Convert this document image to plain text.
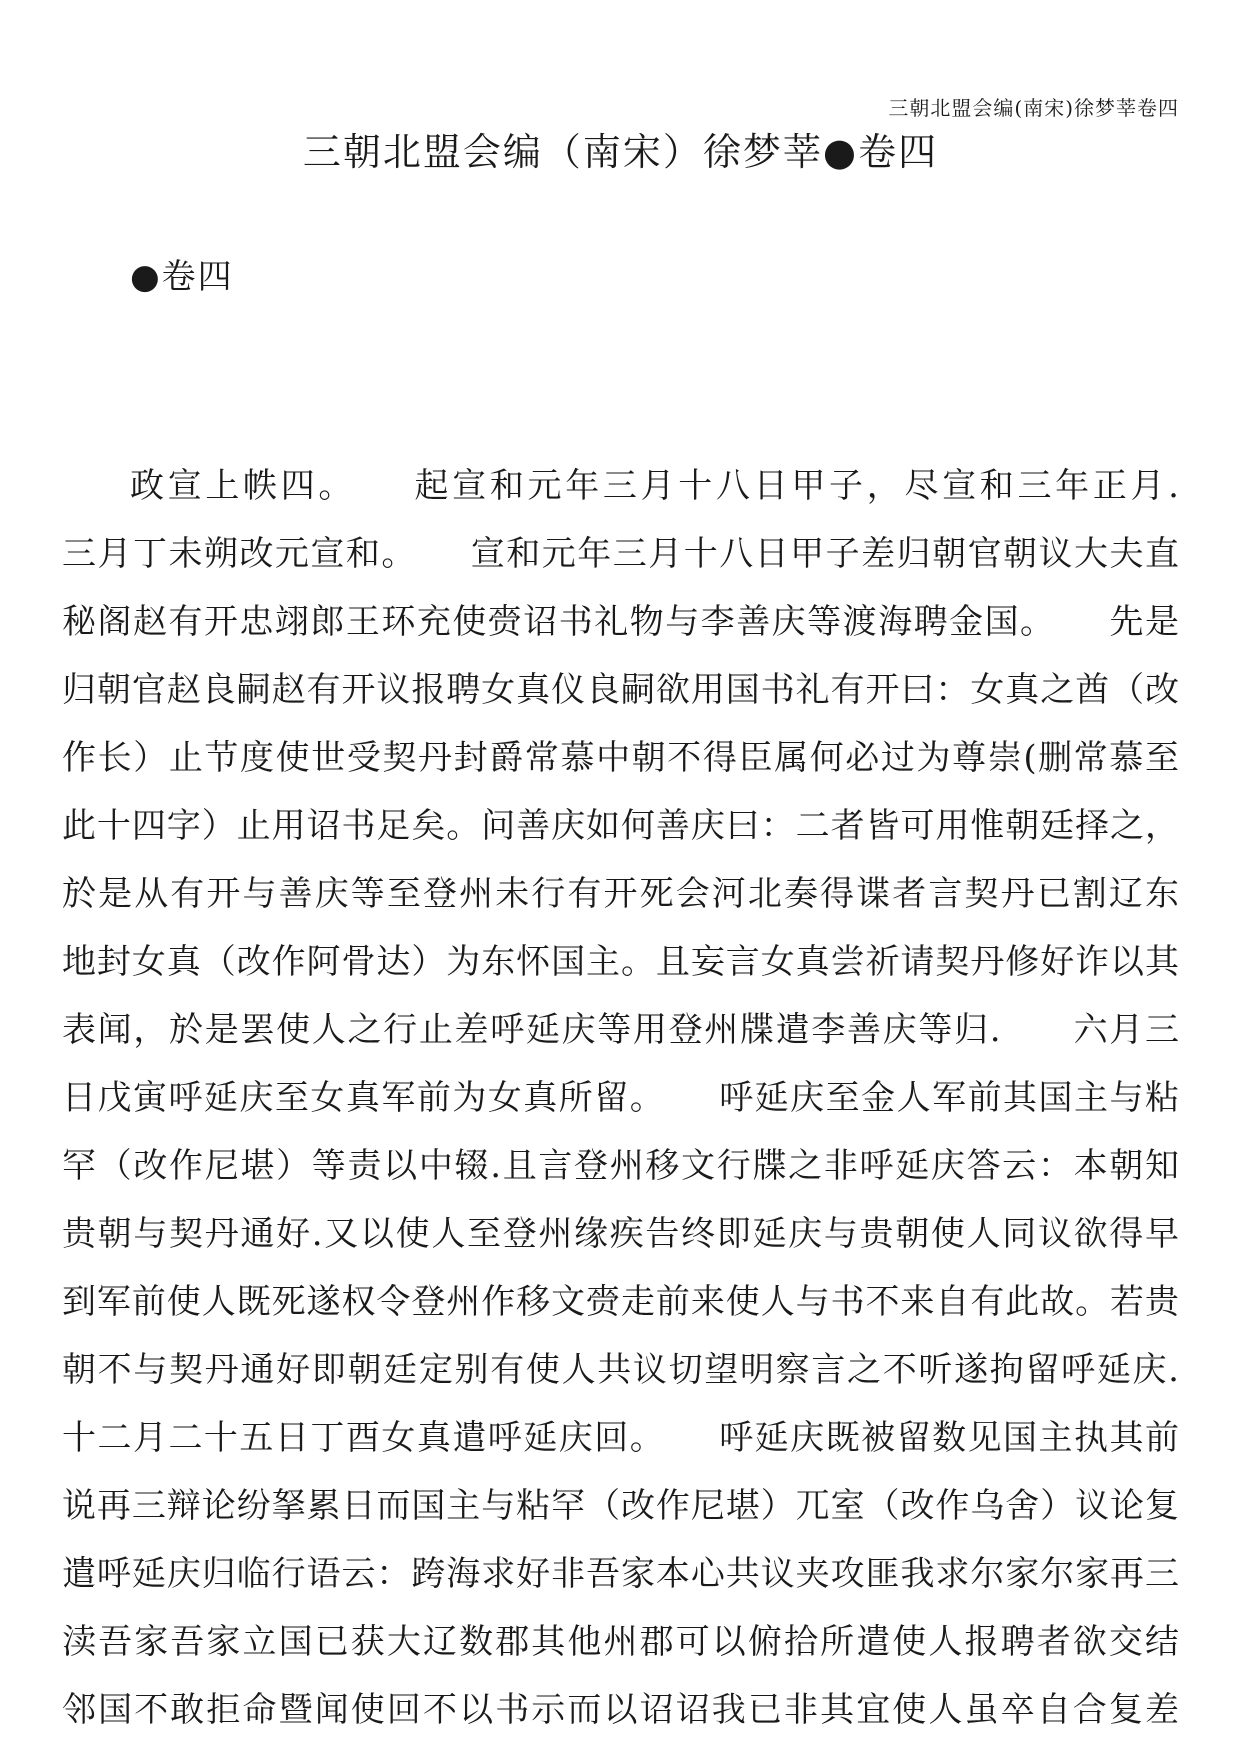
三朝北盟会编(南宋)徐梦莘卷四
三朝北盟会编（南宋）徐梦莘●卷四
●卷四
政宣上帙四。　　起宣和元年三月十八日甲子，尽宣和三年正月.
三月丁未朔改元宣和。　　宣和元年三月十八日甲子差归朝官朝议大夫直
秘阁赵有开忠翊郎王环充使赍诏书礼物与李善庆等渡海聘金国。　　先是
归朝官赵良嗣赵有开议报聘女真仪良嗣欲用国书礼有开曰：女真之酋（改
作长）止节度使世受契丹封爵常慕中朝不得臣属何必过为尊崇(删常慕至
此十四字）止用诏书足矣。问善庆如何善庆曰：二者皆可用惟朝廷择之，
於是从有开与善庆等至登州未行有开死会河北奏得谍者言契丹已割辽东
地封女真（改作阿骨达）为东怀国主。且妄言女真尝祈请契丹修好诈以其
表闻，於是罢使人之行止差呼延庆等用登州牒遣李善庆等归.　　六月三
日戊寅呼延庆至女真军前为女真所留。　　呼延庆至金人军前其国主与粘
罕（改作尼堪）等责以中辍.且言登州移文行牒之非呼延庆答云：本朝知
贵朝与契丹通好.又以使人至登州缘疾告终即延庆与贵朝使人同议欲得早
到军前使人既死遂权令登州作移文赍走前来使人与书不来自有此故。若贵
朝不与契丹通好即朝廷定别有使人共议切望明察言之不听遂拘留呼延庆.
十二月二十五日丁酉女真遣呼延庆回。　　呼延庆既被留数见国主执其前
说再三辩论纷拏累日而国主与粘罕（改作尼堪）兀室（改作乌舍）议论复
遣呼延庆归临行语云：跨海求好非吾家本心共议夹攻匪我求尔家尔家再三
渎吾家吾家立国已获大辽数郡其他州郡可以俯拾所遣使人报聘者欲交结
邻国不敢拒命暨闻使回不以书示而以诏诏我已非其宜使人虽卒自合复差
